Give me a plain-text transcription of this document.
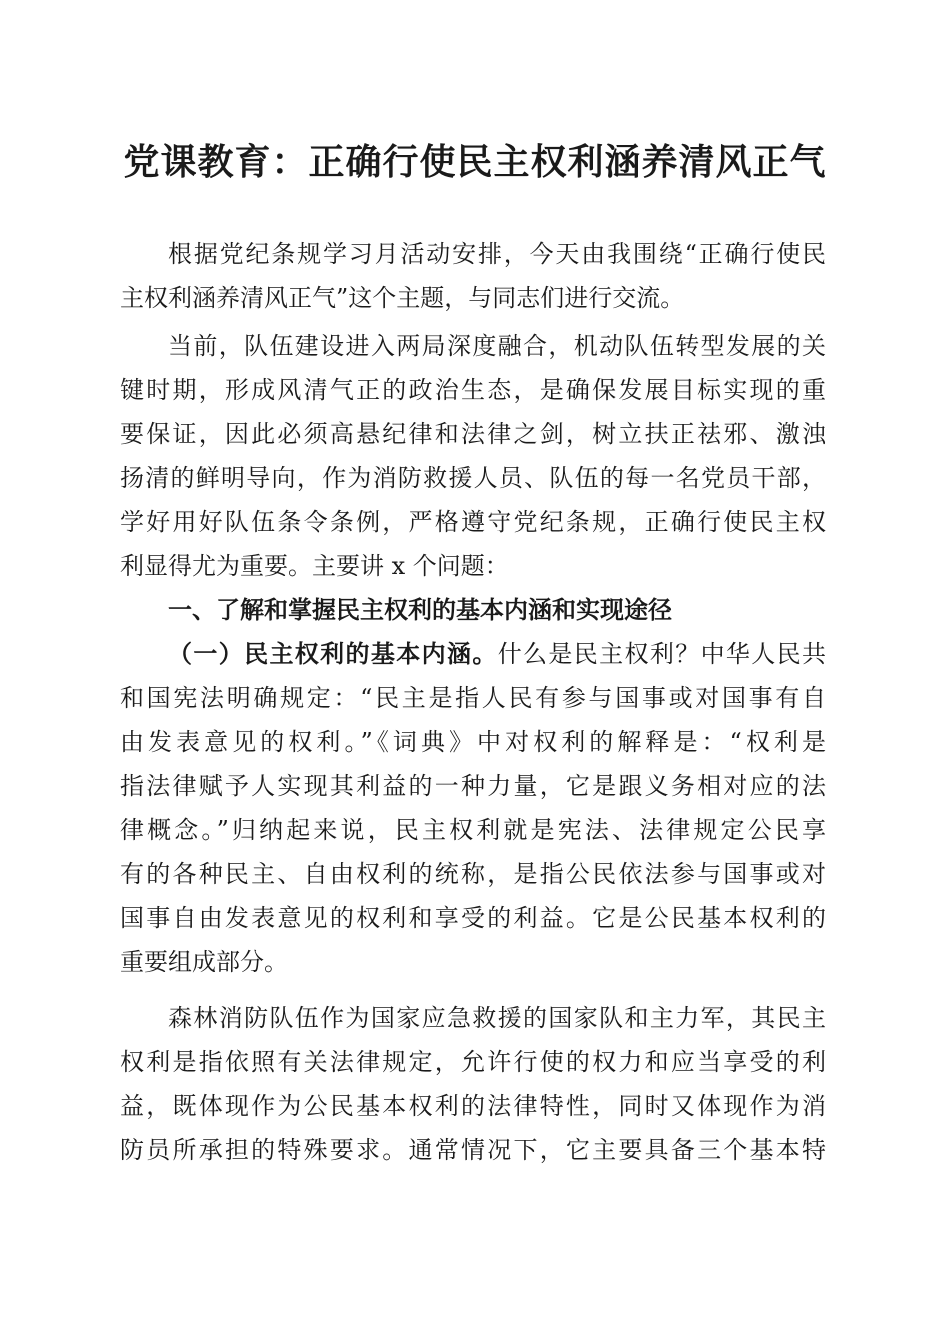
党课教育：正确行使民主权利涵养清风正气
根据党纪条规学习月活动安排，今天由我围绕“正确行使民
主权利涵养清风正气”这个主题，与同志们进行交流。
当前，队伍建设进入两局深度融合，机动队伍转型发展的关
键时期，形成风清气正的政治生态，是确保发展目标实现的重
要保证，因此必须高悬纪律和法律之剑，树立扶正祛邪、激浊
扬清的鲜明导向，作为消防救援人员、队伍的每一名党员干部，
学好用好队伍条令条例，严格遵守党纪条规，正确行使民主权
利显得尤为重要。主要讲 x 个问题：
一、了解和掌握民主权利的基本内涵和实现途径
（一）民主权利的基本内涵。什么是民主权利？中华人民共
和国宪法明确规定：“民主是指人民有参与国事或对国事有自
由发表意见的权利。”《词典》中对权利的解释是：“权利是
指法律赋予人实现其利益的一种力量，它是跟义务相对应的法
律概念。”归纳起来说，民主权利就是宪法、法律规定公民享
有的各种民主、自由权利的统称，是指公民依法参与国事或对
国事自由发表意见的权利和享受的利益。它是公民基本权利的
重要组成部分。
森林消防队伍作为国家应急救援的国家队和主力军，其民主
权利是指依照有关法律规定，允许行使的权力和应当享受的利
益，既体现作为公民基本权利的法律特性，同时又体现作为消
防员所承担的特殊要求。通常情况下，它主要具备三个基本特
